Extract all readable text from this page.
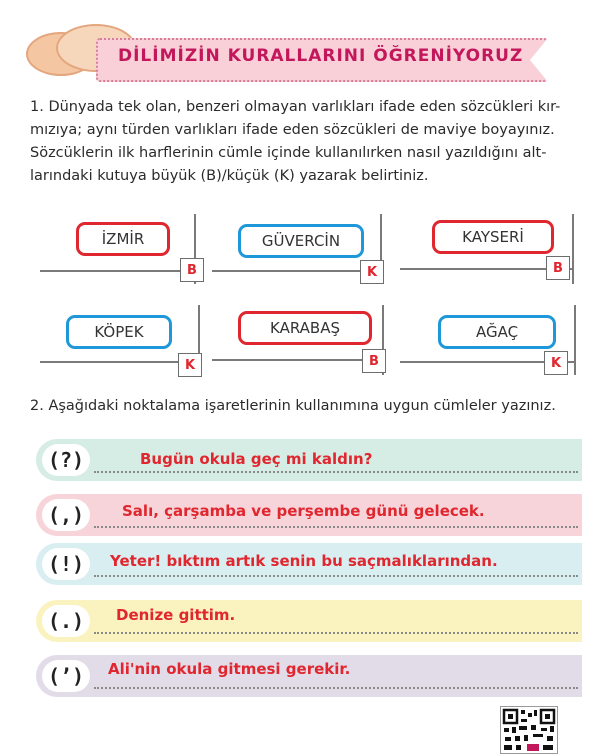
DİLİMİZİN KURALLARINI ÖĞRENİYORUZ
1. Dünyada tek olan, benzeri olmayan varlıkları ifade eden sözcükleri kır-
mızıya; aynı türden varlıkları ifade eden sözcükleri de maviye boyayınız.
Sözcüklerin ilk harflerinin cümle içinde kullanılırken nasıl yazıldığını alt-
larındaki kutuya büyük (B)/küçük (K) yazarak belirtiniz.
İZMİR
B
GÜVERCİN
K
KAYSERİ
B
KÖPEK
K
KARABAŞ
B
AĞAÇ
K
2. Aşağıdaki noktalama işaretlerinin kullanımına uygun cümleler yazınız.
(?)	Bugün okula geç mi kaldın?
(,)	Salı, çarşamba ve perşembe günü gelecek.
(!)	Yeter! bıktım artık senin bu saçmalıklarından.
(.)	Denize gittim.
(’)	Ali'nin okula gitmesi gerekir.
